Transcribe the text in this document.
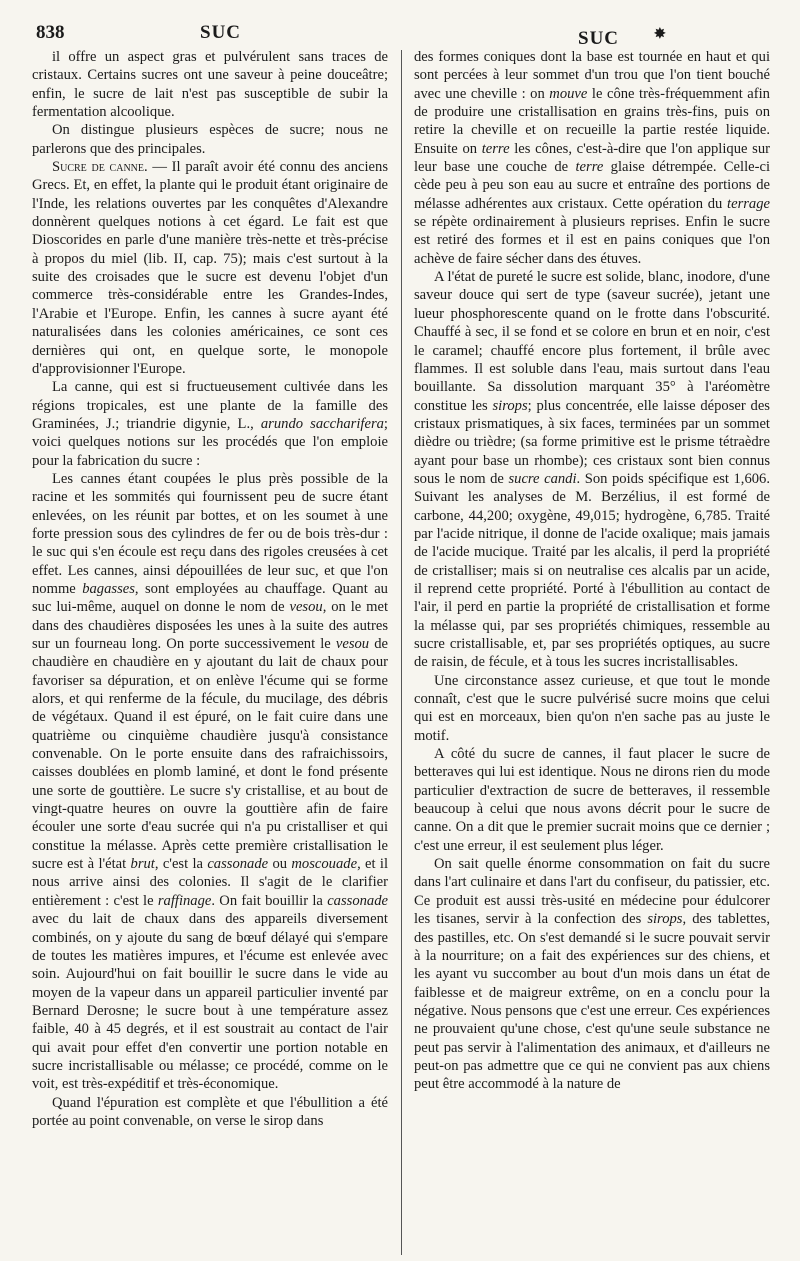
838	SUC	SUC ✸

il offre un aspect gras et pulvérulent sans traces de cristaux. Certains sucres ont une saveur à peine douceâtre; enfin, le sucre de lait n'est pas susceptible de subir la fermentation alcoolique.

On distingue plusieurs espèces de sucre; nous ne parlerons que des principales.

Sucre de canne. — Il paraît avoir été connu des anciens Grecs. Et, en effet, la plante qui le produit étant originaire de l'Inde, les relations ouvertes par les conquêtes d'Alexandre donnèrent quelques notions à cet égard. Le fait est que Dioscorides en parle d'une manière très-nette et très-précise à propos du miel (lib. II, cap. 75); mais c'est surtout à la suite des croisades que le sucre est devenu l'objet d'un commerce très-considérable entre les Grandes-Indes, l'Arabie et l'Europe. Enfin, les cannes à sucre ayant été naturalisées dans les colonies américaines, ce sont ces dernières qui ont, en quelque sorte, le monopole d'approvisionner l'Europe.

La canne, qui est si fructueusement cultivée dans les régions tropicales, est une plante de la famille des Graminées, J.; triandrie digynie, L., arundo saccharifera; voici quelques notions sur les procédés que l'on emploie pour la fabrication du sucre :

Les cannes étant coupées le plus près possible de la racine et les sommités qui fournissent peu de sucre étant enlevées, on les réunit par bottes, et on les soumet à une forte pression sous des cylindres de fer ou de bois très-dur : le suc qui s'en écoule est reçu dans des rigoles creusées à cet effet. Les cannes, ainsi dépouillées de leur suc, et que l'on nomme bagasses, sont employées au chauffage. Quant au suc lui-même, auquel on donne le nom de vesou, on le met dans des chaudières disposées les unes à la suite des autres sur un fourneau long. On porte successivement le vesou de chaudière en chaudière en y ajoutant du lait de chaux pour favoriser sa dépuration, et on enlève l'écume qui se forme alors, et qui renferme de la fécule, du mucilage, des débris de végétaux. Quand il est épuré, on le fait cuire dans une quatrième ou cinquième chaudière jusqu'à consistance convenable. On le porte ensuite dans des rafraichissoirs, caisses doublées en plomb laminé, et dont le fond présente une sorte de gouttière. Le sucre s'y cristallise, et au bout de vingt-quatre heures on ouvre la gouttière afin de faire écouler une sorte d'eau sucrée qui n'a pu cristalliser et qui constitue la mélasse. Après cette première cristallisation le sucre est à l'état brut, c'est la cassonade ou moscouade, et il nous arrive ainsi des colonies. Il s'agit de le clarifier entièrement : c'est le raffinage. On fait bouillir la cassonade avec du lait de chaux dans des appareils diversement combinés, on y ajoute du sang de bœuf délayé qui s'empare de toutes les matières impures, et l'écume est enlevée avec soin. Aujourd'hui on fait bouillir le sucre dans le vide au moyen de la vapeur dans un appareil particulier inventé par Bernard Derosne; le sucre bout à une température assez faible, 40 à 45 degrés, et il est soustrait au contact de l'air qui avait pour effet d'en convertir une portion notable en sucre incristallisable ou mélasse; ce procédé, comme on le voit, est très-expéditif et très-économique.

Quand l'épuration est complète et que l'ébullition a été portée au point convenable, on verse le sirop dans

des formes coniques dont la base est tournée en haut et qui sont percées à leur sommet d'un trou que l'on tient bouché avec une cheville : on mouve le cône très-fréquemment afin de produire une cristallisation en grains très-fins, puis on retire la cheville et on recueille la partie restée liquide. Ensuite on terre les cônes, c'est-à-dire que l'on applique sur leur base une couche de terre glaise détrempée. Celle-ci cède peu à peu son eau au sucre et entraîne des portions de mélasse adhérentes aux cristaux. Cette opération du terrage se répète ordinairement à plusieurs reprises. Enfin le sucre est retiré des formes et il est en pains coniques que l'on achève de faire sécher dans des étuves.

A l'état de pureté le sucre est solide, blanc, inodore, d'une saveur douce qui sert de type (saveur sucrée), jetant une lueur phosphorescente quand on le frotte dans l'obscurité. Chauffé à sec, il se fond et se colore en brun et en noir, c'est le caramel; chauffé encore plus fortement, il brûle avec flammes. Il est soluble dans l'eau, mais surtout dans l'eau bouillante. Sa dissolution marquant 35° à l'aréomètre constitue les sirops; plus concentrée, elle laisse déposer des cristaux prismatiques, à six faces, terminées par un sommet dièdre ou trièdre; (sa forme primitive est le prisme tétraèdre ayant pour base un rhombe); ces cristaux sont bien connus sous le nom de sucre candi. Son poids spécifique est 1,606. Suivant les analyses de M. Berzélius, il est formé de carbone, 44,200; oxygène, 49,015; hydrogène, 6,785. Traité par l'acide nitrique, il donne de l'acide oxalique; mais jamais de l'acide mucique. Traité par les alcalis, il perd la propriété de cristalliser; mais si on neutralise ces alcalis par un acide, il reprend cette propriété. Porté à l'ébullition au contact de l'air, il perd en partie la propriété de cristallisation et forme la mélasse qui, par ses propriétés chimiques, ressemble au sucre cristallisable, et, par ses propriétés optiques, au sucre de raisin, de fécule, et à tous les sucres incristallisables.

Une circonstance assez curieuse, et que tout le monde connaît, c'est que le sucre pulvérisé sucre moins que celui qui est en morceaux, bien qu'on n'en sache pas au juste le motif.

A côté du sucre de cannes, il faut placer le sucre de betteraves qui lui est identique. Nous ne dirons rien du mode particulier d'extraction de sucre de betteraves, il ressemble beaucoup à celui que nous avons décrit pour le sucre de canne. On a dit que le premier sucrait moins que ce dernier ; c'est une erreur, il est seulement plus léger.

On sait quelle énorme consommation on fait du sucre dans l'art culinaire et dans l'art du confiseur, du patissier, etc. Ce produit est aussi très-usité en médecine pour édulcorer les tisanes, servir à la confection des sirops, des tablettes, des pastilles, etc. On s'est demandé si le sucre pouvait servir à la nourriture; on a fait des expériences sur des chiens, et les ayant vu succomber au bout d'un mois dans un état de faiblesse et de maigreur extrême, on en a conclu pour la négative. Nous pensons que c'est une erreur. Ces expériences ne prouvaient qu'une chose, c'est qu'une seule substance ne peut pas servir à l'alimentation des animaux, et d'ailleurs ne peut-on pas admettre que ce qui ne convient pas aux chiens peut être accommodé à la nature de
